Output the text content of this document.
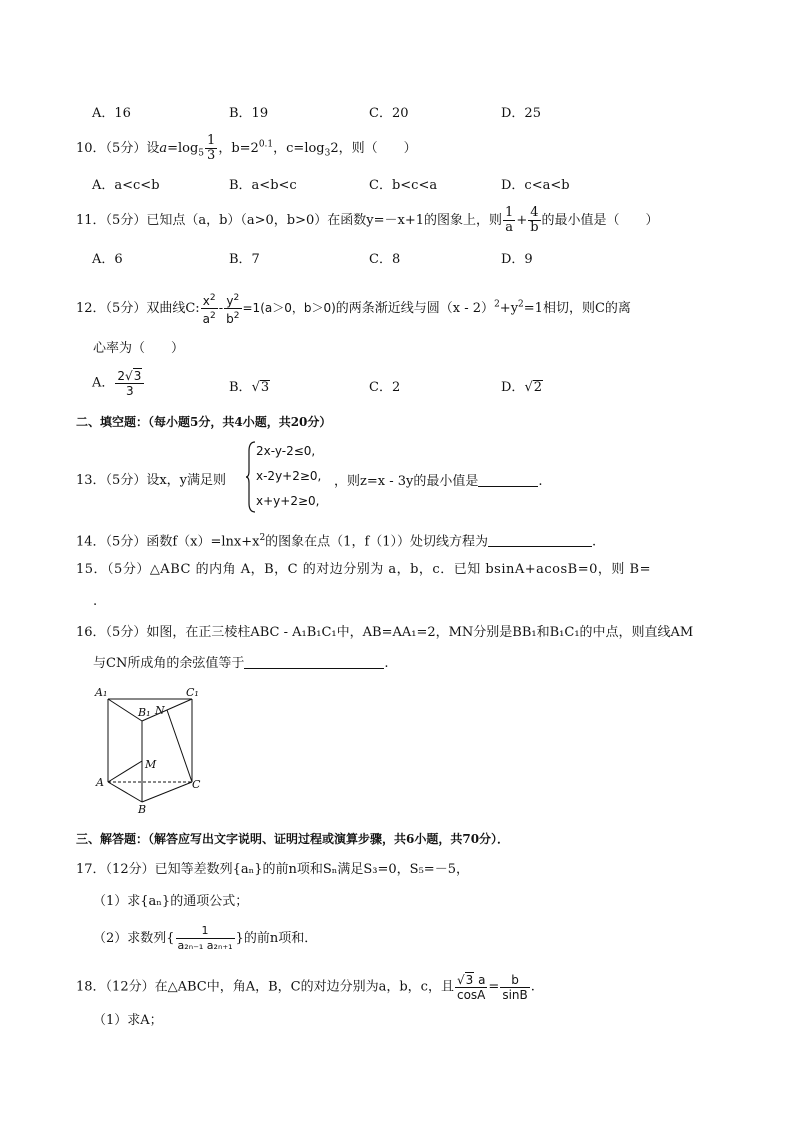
A．16	B．19	C．20	D．25
10．（5分）设$a=\log_5 \frac{1}{3}$ ，$b=2^{0.1}$，$c=\log_32$，则（　　）
A．a<c<b	B．a<b<c	C．b<c<a	D．c<a<b
11．（5分）已知点（a，b）（a>0，b>0）在函数y=－x+1的图象上，则 $\frac{1}{a} + \frac{4}{b}$ 的最小值是（　　）
A．6	B．7	C．8	D．9
12．（5分）双曲线C: $\frac{x^2}{a^2} - \frac{y^2}{b^2} =1(a>0$，b＞0)的两条渐近线与圆$(x - 2)^2+y^2=1$相切，则C的离
心率为（　　）
A． $\frac{2√3}{3}$	B．√3	C．2	D．√2
二、填空题：（每小题5分，共4小题，共20分）
13．（5分）设x，y满足则
2x-y-2≤0,
x-2y+2≥0,
x+y+2≥0,
，则z=x - 3y的最小值是	.
14．（5分）函数$f(x)=\ln x+x^2$的图象在点（1，f（1））处切线方程为	.
15．（5分）△ABC 的内角 A，B，C 的对边分别为 a，b，c．已知 bsinA+acosB=0，则 B=
.
16．（5分）如图，在正三棱柱ABC - A₁B₁C₁中，AB=AA₁=2，MN分别是BB₁和B₁C₁的中点，则直线AM
与CN所成角的余弦值等于	.
A₁	C₁
B₁ N
M
A	C
B
三、解答题：（解答应写出文字说明、证明过程或演算步骤，共6小题，共70分）．
17．（12分）已知等差数列{aₙ}的前n项和Sₙ满足S₃=0，S₅=－5，
（1）求{aₙ}的通项公式；
（2）求数列{ $\frac{1}{\text{a₂ₙ₋₁ a₂ₙ₊₁}}$ }的前n项和．
18．（12分）在△ABC中，角A，B，C的对边分别为a，b，c，且 $\frac{√3 a}{\cos A} = \frac{b}{\sin B}$ .
（1）求A；
